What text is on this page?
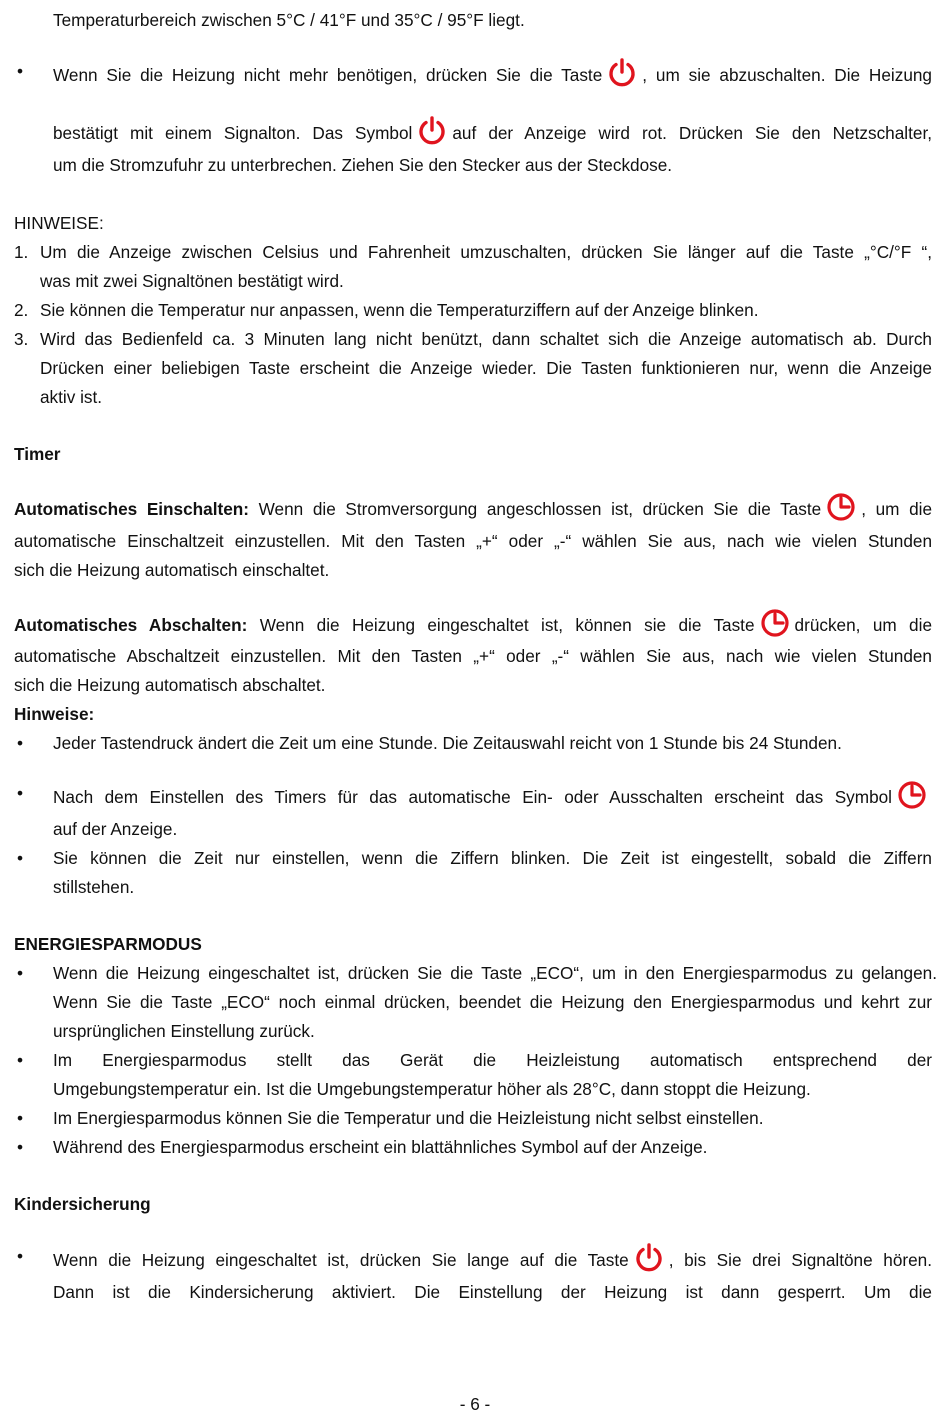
Temperaturbereich zwischen 5°C / 41°F und 35°C / 95°F liegt.
• Wenn Sie die Heizung nicht mehr benötigen, drücken Sie die Taste , um sie abzuschalten. Die Heizung
bestätigt mit einem Signalton. Das Symbol auf der Anzeige wird rot. Drücken Sie den Netzschalter,
um die Stromzufuhr zu unterbrechen. Ziehen Sie den Stecker aus der Steckdose.
HINWEISE:
1. Um die Anzeige zwischen Celsius und Fahrenheit umzuschalten, drücken Sie länger auf die Taste „°C/°F “,
was mit zwei Signaltönen bestätigt wird.
2. Sie können die Temperatur nur anpassen, wenn die Temperaturziffern auf der Anzeige blinken.
3. Wird das Bedienfeld ca. 3 Minuten lang nicht benützt, dann schaltet sich die Anzeige automatisch ab. Durch
Drücken einer beliebigen Taste erscheint die Anzeige wieder. Die Tasten funktionieren nur, wenn die Anzeige
aktiv ist.
Timer
Automatisches Einschalten: Wenn die Stromversorgung angeschlossen ist, drücken Sie die Taste , um die
automatische Einschaltzeit einzustellen. Mit den Tasten „+“ oder „-“ wählen Sie aus, nach wie vielen Stunden
sich die Heizung automatisch einschaltet.
Automatisches Abschalten: Wenn die Heizung eingeschaltet ist, können sie die Taste drücken, um die
automatische Abschaltzeit einzustellen. Mit den Tasten „+“ oder „-“ wählen Sie aus, nach wie vielen Stunden
sich die Heizung automatisch abschaltet.
Hinweise:
• Jeder Tastendruck ändert die Zeit um eine Stunde. Die Zeitauswahl reicht von 1 Stunde bis 24 Stunden.
• Nach dem Einstellen des Timers für das automatische Ein- oder Ausschalten erscheint das Symbol
auf der Anzeige.
• Sie können die Zeit nur einstellen, wenn die Ziffern blinken. Die Zeit ist eingestellt, sobald die Ziffern
stillstehen.
ENERGIESPARMODUS
• Wenn die Heizung eingeschaltet ist, drücken Sie die Taste „ECO“, um in den Energiesparmodus zu gelangen.
Wenn Sie die Taste „ECO“ noch einmal drücken, beendet die Heizung den Energiesparmodus und kehrt zur
ursprünglichen Einstellung zurück.
• Im Energiesparmodus stellt das Gerät die Heizleistung automatisch entsprechend der
Umgebungstemperatur ein. Ist die Umgebungstemperatur höher als 28°C, dann stoppt die Heizung.
• Im Energiesparmodus können Sie die Temperatur und die Heizleistung nicht selbst einstellen.
• Während des Energiesparmodus erscheint ein blattähnliches Symbol auf der Anzeige.
Kindersicherung
• Wenn die Heizung eingeschaltet ist, drücken Sie lange auf die Taste , bis Sie drei Signaltöne hören.
Dann ist die Kindersicherung aktiviert. Die Einstellung der Heizung ist dann gesperrt. Um die
- 6 -
